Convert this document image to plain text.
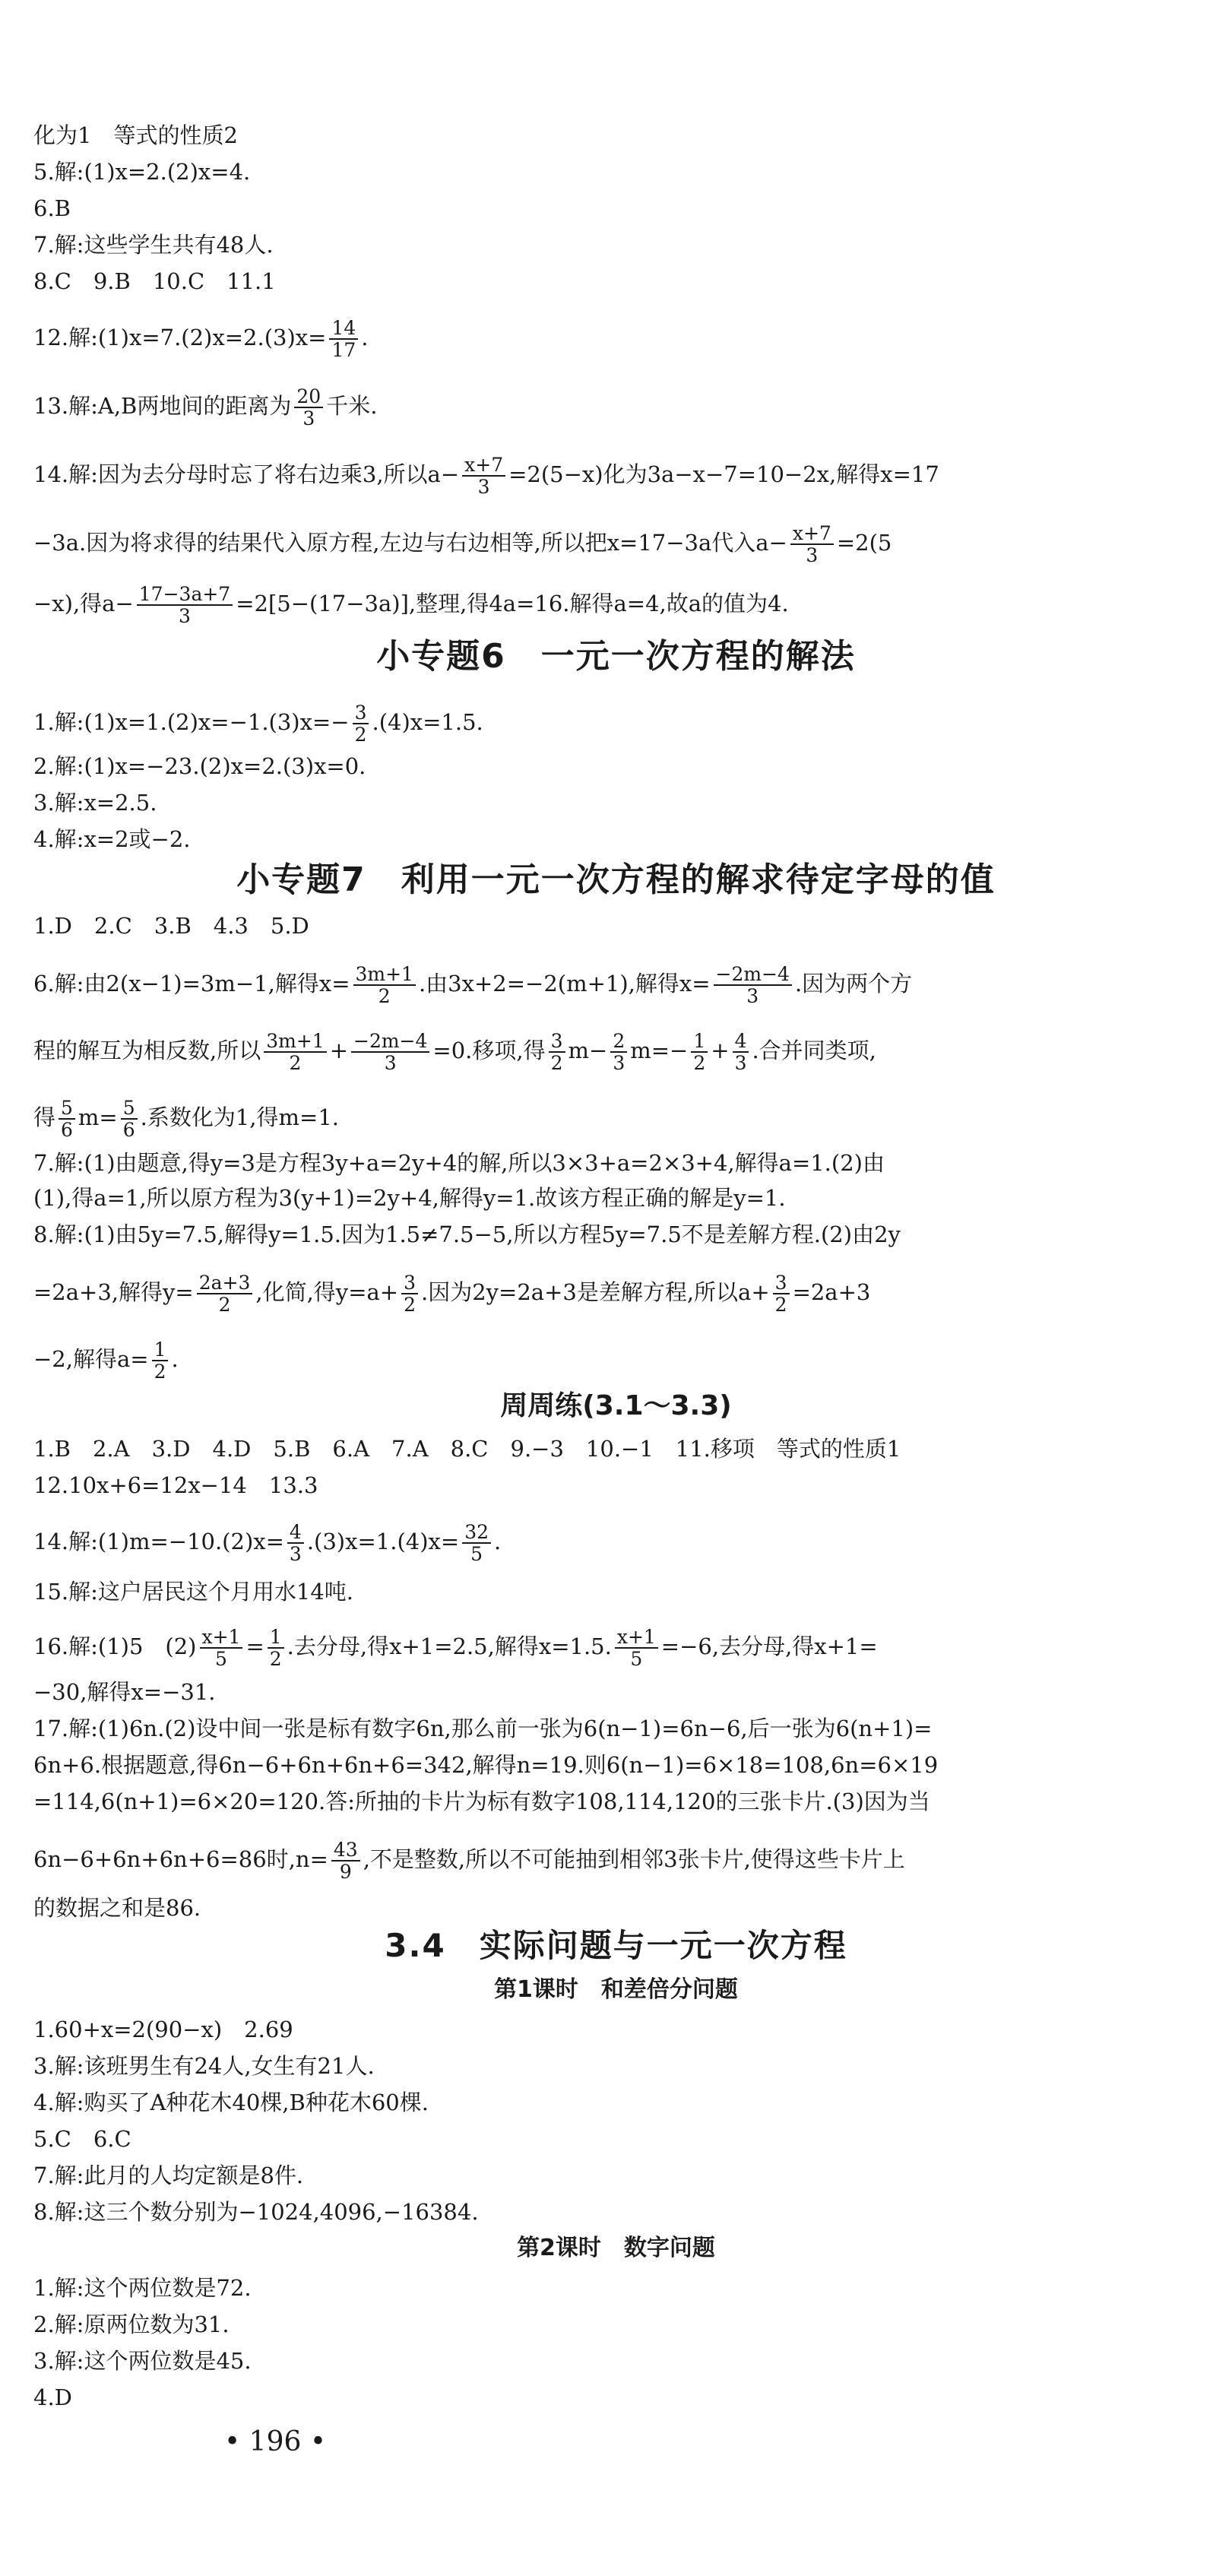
化为1　等式的性质2
5.解:(1)x=2.(2)x=4.
6.B
7.解:这些学生共有48人.
8.C　9.B　10.C　11.1
12.解:(1)x=7.(2)x=2.(3)x= $\frac{14}{17}$ .
13.解:A,B两地间的距离为 $\frac{20}{3}$ 千米.
14.解:因为去分母时忘了将右边乘3,所以$a- \frac{x+7}{3} =2(5-x)$化为3a−x−7=10−2x,解得x=17
−3a.因为将求得的结果代入原方程,左边与右边相等,所以把x=17−3a代入$a- \frac{x+7}{3} =2(5$
−x),得$a- \frac{17-3a+7}{3} =2[5-(17-3a)]$,整理,得4a=16.解得a=4,故a的值为4.
小专题6　一元一次方程的解法
1.解:(1)x=1.(2)x=−1.(3)x=− $\frac{3}{2} .(4)x=1.5$.
2.解:(1)x=−23.(2)x=2.(3)x=0.
3.解:x=2.5.
4.解:x=2或−2.
小专题7　利用一元一次方程的解求待定字母的值
1.D　2.C　3.B　4.3　5.D
6.解:由2(x−1)=3m−1,解得$x= \frac{3m+1}{2}$ .由3x+2=−2(m+1),解得$x= \frac{-2m-4}{3}$ .因为两个方
程的解互为相反数,所以 $\frac{3m+1}{2} + \frac{-2m-4}{3} =0$.移项,得 $\frac{3}{2} m- \frac{2}{3} m=- \frac{1}{2} + \frac{4}{3}$ .合并同类项,
得 $\frac{5}{6} m= \frac{5}{6}$ .系数化为1,得m=1.
7.解:(1)由题意,得y=3是方程3y+a=2y+4的解,所以3×3+a=2×3+4,解得a=1.(2)由
(1),得a=1,所以原方程为3(y+1)=2y+4,解得y=1.故该方程正确的解是y=1.
8.解:(1)由5y=7.5,解得y=1.5.因为1.5≠7.5−5,所以方程5y=7.5不是差解方程.(2)由2y
=2a+3,解得$y= \frac{2a+3}{2}$ ,化简,得$y=a+ \frac{3}{2}$ .因为2y=2a+3是差解方程,所以$a+ \frac{3}{2} =2a+3$
−2,解得$a= \frac{1}{2}$ .
周周练(3.1～3.3)
1.B　2.A　3.D　4.D　5.B　6.A　7.A　8.C　9.−3　10.−1　11.移项　等式的性质1
12.10x+6=12x−14　13.3
14.解:(1)m=−10.(2)x= $\frac{4}{3} .(3)x=1.(4)x= \frac{32}{5}$ .
15.解:这户居民这个月用水14吨.
16.解:(1)5　$(2) \frac{x+1}{5} = \frac{1}{2}$ .去分母,得x+1=2.5,解得x=1.5. $\frac{x+1}{5} =-6$,去分母,得x+1=
−30,解得x=−31.
17.解:(1)6n.(2)设中间一张是标有数字6n,那么前一张为6(n−1)=6n−6,后一张为6(n+1)=
6n+6.根据题意,得6n−6+6n+6n+6=342,解得n=19.则6(n−1)=6×18=108,6n=6×19
=114,6(n+1)=6×20=120.答:所抽的卡片为标有数字108,114,120的三张卡片.(3)因为当
6n−6+6n+6n+6=86时$,n= \frac{43}{9}$ ,不是整数,所以不可能抽到相邻3张卡片,使得这些卡片上
的数据之和是86.
3.4　实际问题与一元一次方程
第1课时　和差倍分问题
1.60+x=2(90−x)　2.69
3.解:该班男生有24人,女生有21人.
4.解:购买了A种花木40棵,B种花木60棵.
5.C　6.C
7.解:此月的人均定额是8件.
8.解:这三个数分别为−1024,4096,−16384.
第2课时　数字问题
1.解:这个两位数是72.
2.解:原两位数为31.
3.解:这个两位数是45.
4.D
• 196 •
